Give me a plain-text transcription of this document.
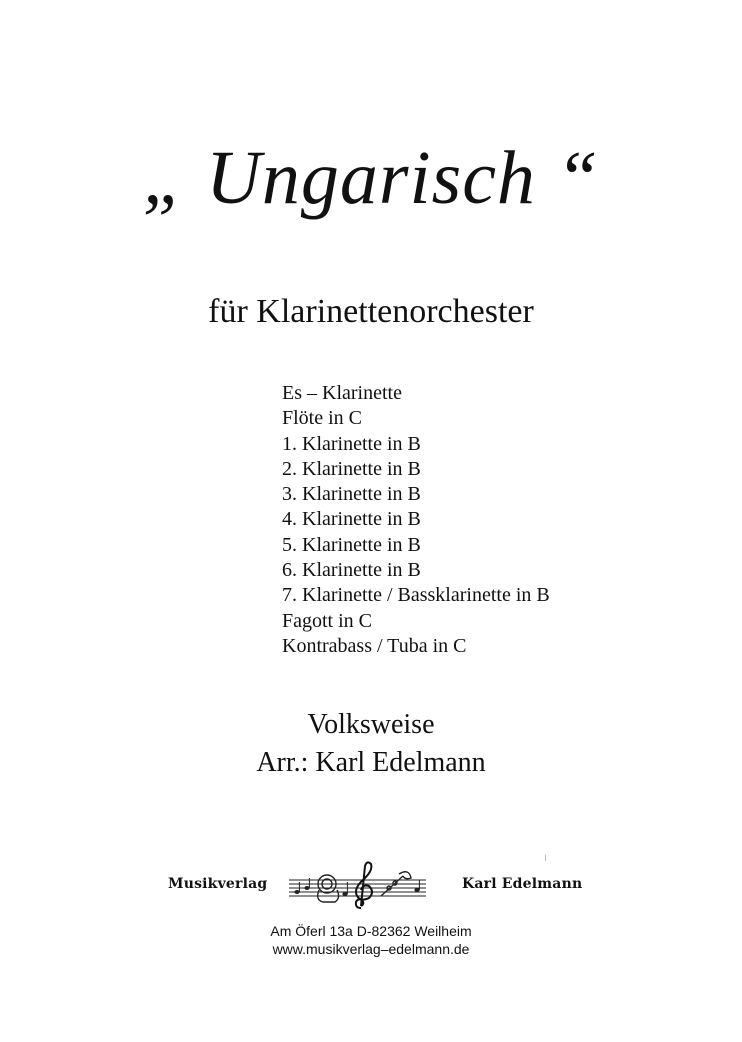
„ Ungarisch “
für Klarinettenorchester
Es – Klarinette
Flöte in C
1. Klarinette in B
2. Klarinette in B
3. Klarinette in B
4. Klarinette in B
5. Klarinette in B
6. Klarinette in B
7. Klarinette / Bassklarinette in B
Fagott in C
Kontrabass / Tuba in C
Volksweise
Arr.: Karl Edelmann
Musikverlag	Karl Edelmann
Am Öferl 13a D-82362 Weilheim
www.musikverlag–edelmann.de
